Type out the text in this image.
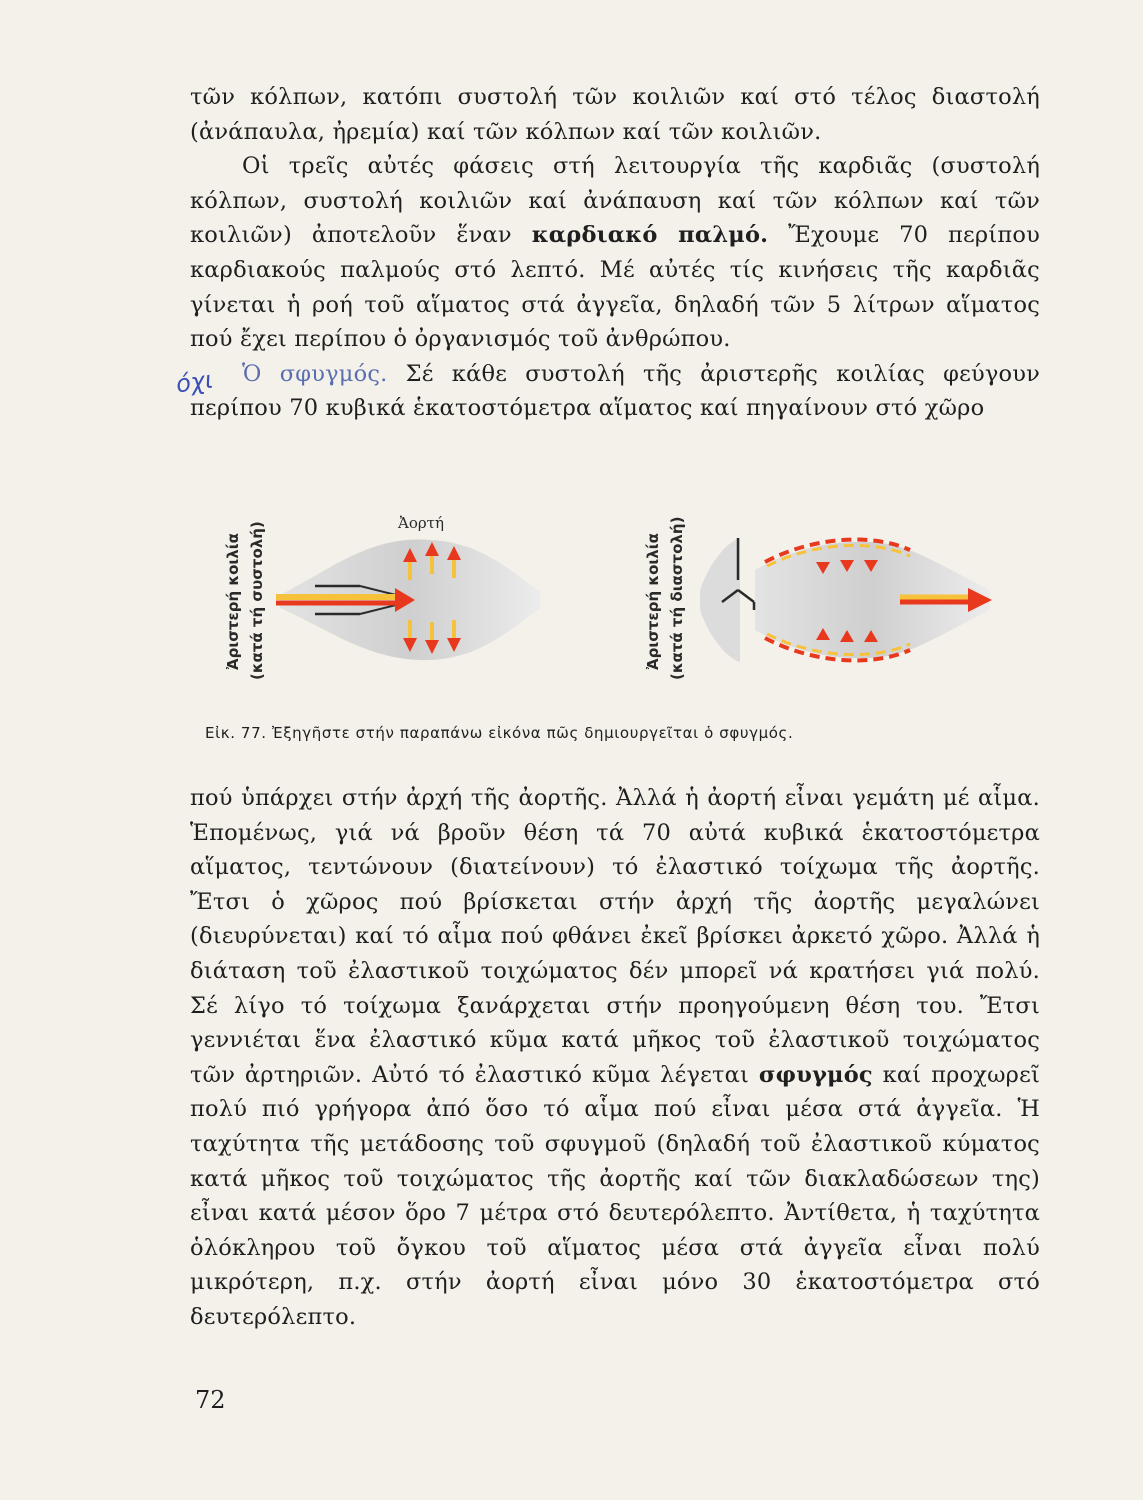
τῶν κόλπων, κατόπι συστολή τῶν κοιλιῶν καί στό τέλος διαστολή (ἀνάπαυλα, ἠρεμία) καί τῶν κόλπων καί τῶν κοιλιῶν.

Οἱ τρεῖς αὐτές φάσεις στή λειτουργία τῆς καρδιᾶς (συστολή κόλπων, συστολή κοιλιῶν καί ἀνάπαυση καί τῶν κόλπων καί τῶν κοιλιῶν) ἀποτελοῦν ἕναν καρδιακό παλμό. Ἔχουμε 70 περίπου καρδιακούς παλμούς στό λεπτό. Μέ αὐτές τίς κινήσεις τῆς καρδιᾶς γίνεται ἡ ροή τοῦ αἵματος στά ἀγγεῖα, δηλαδή τῶν 5 λίτρων αἵματος πού ἔχει περίπου ὁ ὀργανισμός τοῦ ἀνθρώπου.

Ὁ σφυγμός. Σέ κάθε συστολή τῆς ἀριστερῆς κοιλίας φεύγουν περίπου 70 κυβικά ἑκατοστόμετρα αἵματος καί πηγαίνουν στό χῶρο

όχι
Ἀριστερή κοιλία (κατά τή συστολή)	Ἀορτή
Ἀριστερή κοιλία (κατά τή διαστολή)
Εἰκ. 77. Ἐξηγῆστε στήν παραπάνω εἰκόνα πῶς δημιουργεῖται ὁ σφυγμός.

πού ὑπάρχει στήν ἀρχή τῆς ἀορτῆς. Ἀλλά ἡ ἀορτή εἶναι γεμάτη μέ αἷμα. Ἑπομένως, γιά νά βροῦν θέση τά 70 αὐτά κυβικά ἑκατοστόμετρα αἵματος, τεντώνουν (διατείνουν) τό ἐλαστικό τοίχωμα τῆς ἀορτῆς. Ἔτσι ὁ χῶρος πού βρίσκεται στήν ἀρχή τῆς ἀορτῆς μεγαλώνει (διευρύνεται) καί τό αἷμα πού φθάνει ἐκεῖ βρίσκει ἀρκετό χῶρο. Ἀλλά ἡ διάταση τοῦ ἐλαστικοῦ τοιχώματος δέν μπορεῖ νά κρατήσει γιά πολύ. Σέ λίγο τό τοίχωμα ξανάρχεται στήν προηγούμενη θέση του. Ἔτσι γεννιέται ἕνα ἐλαστικό κῦμα κατά μῆκος τοῦ ἐλαστικοῦ τοιχώματος τῶν ἀρτηριῶν. Αὐτό τό ἐλαστικό κῦμα λέγεται σφυγμός καί προχωρεῖ πολύ πιό γρήγορα ἀπό ὅσο τό αἷμα πού εἶναι μέσα στά ἀγγεῖα. Ἡ ταχύτητα τῆς μετάδοσης τοῦ σφυγμοῦ (δηλαδή τοῦ ἐλαστικοῦ κύματος κατά μῆκος τοῦ τοιχώματος τῆς ἀορτῆς καί τῶν διακλαδώσεων της) εἶναι κατά μέσον ὅρο 7 μέτρα στό δευτερόλεπτο. Ἀντίθετα, ἡ ταχύτητα ὁλόκληρου τοῦ ὄγκου τοῦ αἵματος μέσα στά ἀγγεῖα εἶναι πολύ μικρότερη, π.χ. στήν ἀορτή εἶναι μόνο 30 ἑκατοστόμετρα στό δευτερόλεπτο.

72
